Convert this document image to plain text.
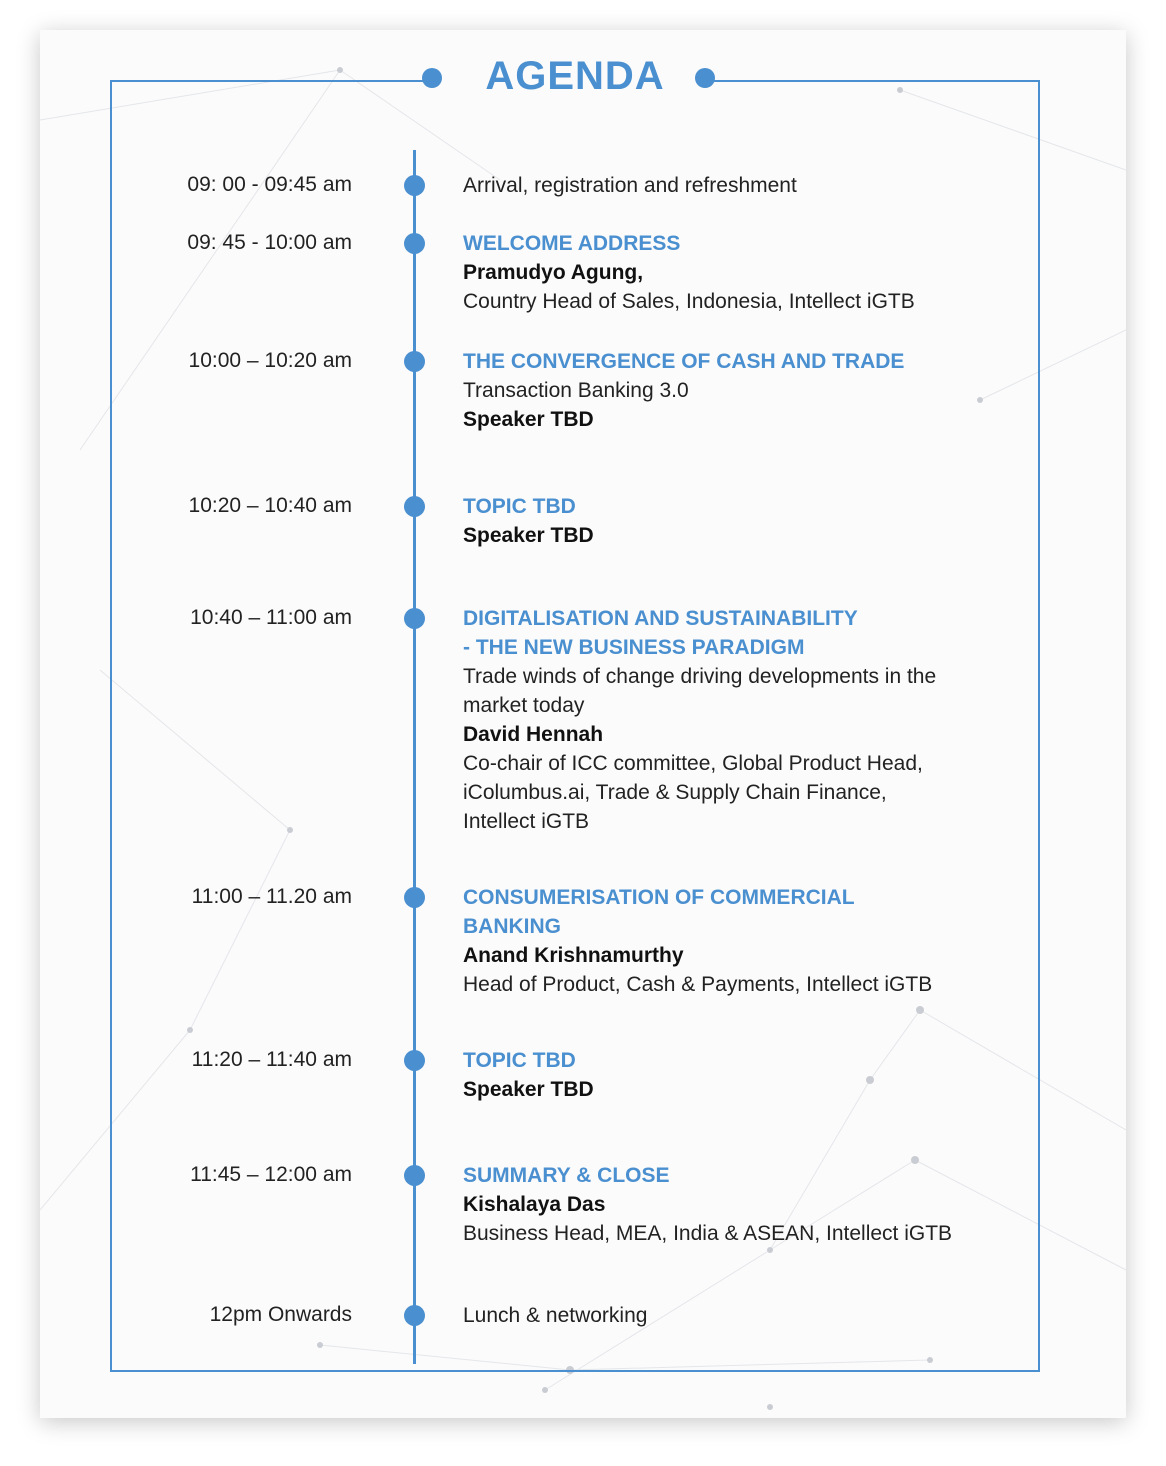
AGENDA
09: 00 - 09:45 am	Arrival, registration and refreshment
09: 45 - 10:00 am	WELCOME ADDRESS
Pramudyo Agung,
Country Head of Sales, Indonesia, Intellect iGTB
10:00 – 10:20 am	THE CONVERGENCE OF CASH AND TRADE
Transaction Banking 3.0
Speaker TBD
10:20 – 10:40 am	TOPIC TBD
Speaker TBD
10:40 – 11:00 am	DIGITALISATION AND SUSTAINABILITY
- THE NEW BUSINESS PARADIGM
Trade winds of change driving developments in the
market today
David Hennah
Co-chair of ICC committee, Global Product Head,
iColumbus.ai, Trade & Supply Chain Finance,
Intellect iGTB
11:00 – 11.20 am	CONSUMERISATION OF COMMERCIAL
BANKING
Anand Krishnamurthy
Head of Product, Cash & Payments, Intellect iGTB
11:20 – 11:40 am	TOPIC TBD
Speaker TBD
11:45 – 12:00 am	SUMMARY & CLOSE
Kishalaya Das
Business Head, MEA, India & ASEAN, Intellect iGTB
12pm Onwards	Lunch & networking
